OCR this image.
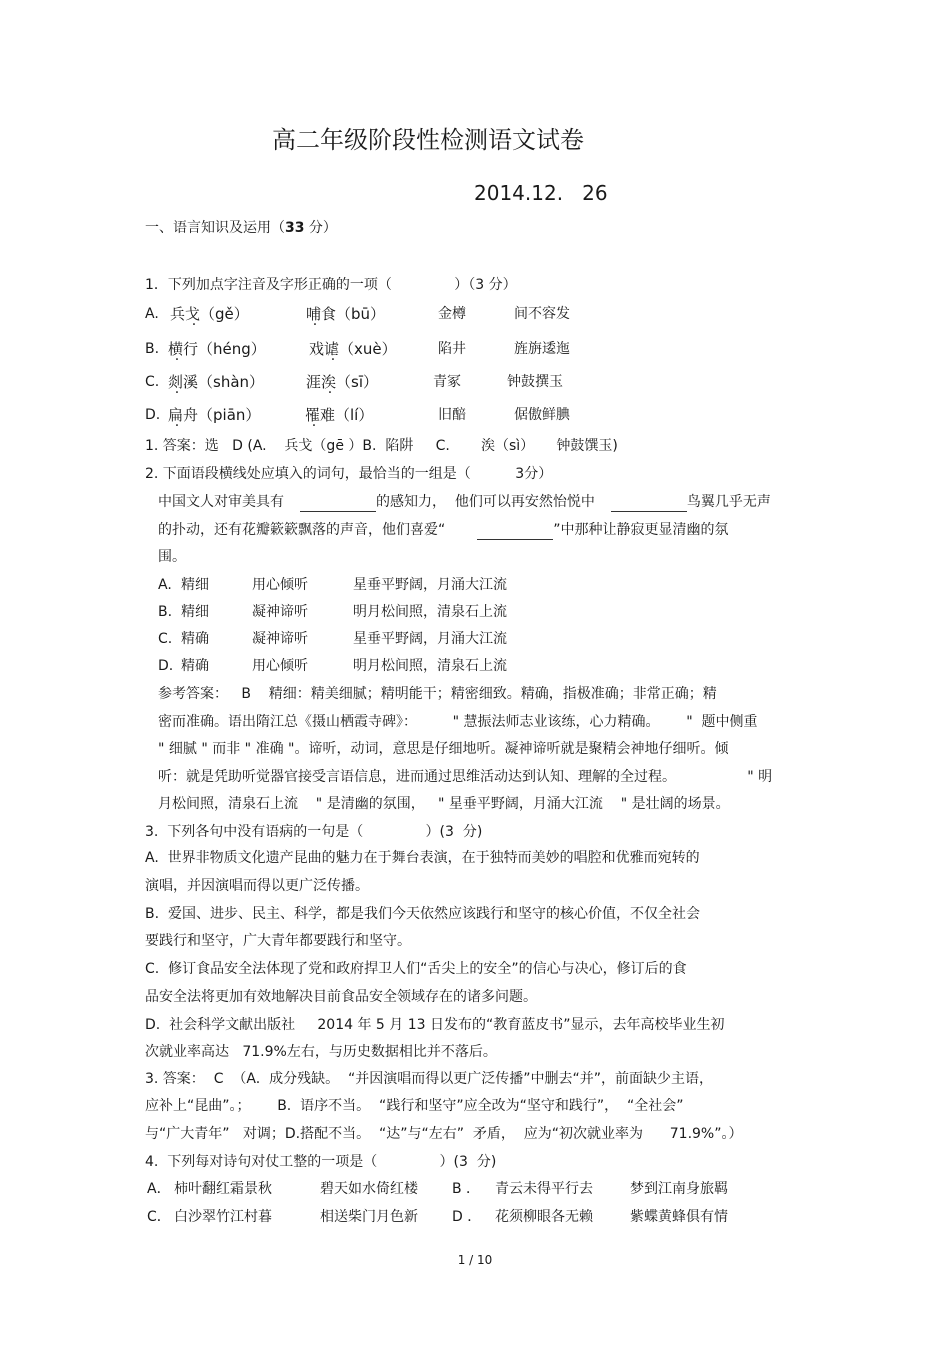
高二年级阶段性检测语文试卷
2014.12.   26
一、语言知识及运用（33 分）
1．下列加点字注音及字形正确的一项（              ）（3 分）
A. 兵戈（gě）	哺食（bū）	金樽	间不容发
B. 横行（héng）	戏谑（xuè）	陷井	旌旃逶迤
C. 剡溪（shàn）	涯涘（sī）	青冢	钟鼓撰玉
D. 扁舟（piān）	罹难（lí）	旧醅	倨傲鲜腆
1. 答案：选   D (A.    兵戈（gē ）B.  陷阱     C.       涘（sì）     钟鼓馔玉)
2. 下面语段横线处应填入的词句，最恰当的一组是（          3分）
中国文人对审美具有	的感知力，  他们可以再安然怡悦中	鸟翼几乎无声
的扑动，还有花瓣簌簌飘落的声音，他们喜爱“	”中那种让静寂更显清幽的氛
围。
A. 精细	用心倾听	星垂平野阔，月涌大江流
B. 精细	凝神谛听	明月松间照，清泉石上流
C. 精确	凝神谛听	星垂平野阔，月涌大江流
D. 精确	用心倾听	明月松间照，清泉石上流
参考答案：   B    精细：精美细腻；精明能干；精密细致。精确，指极准确；非常正确；精
密而准确。语出隋江总《摄山栖霞寺碑》：        " 慧振法师志业该练，心力精确。      "  题中侧重
" 细腻 " 而非 " 准确 "。谛听，动词，意思是仔细地听。凝神谛听就是聚精会神地仔细听。倾
听：就是凭助听觉器官接受言语信息，进而通过思维活动达到认知、理解的全过程。                " 明
月松间照，清泉石上流    " 是清幽的氛围，   " 星垂平野阔，月涌大江流    " 是壮阔的场景。
3.  下列各句中没有语病的一句是（              ）(3  分)
A.  世界非物质文化遗产昆曲的魅力在于舞台表演，在于独特而美妙的唱腔和优雅而宛转的
演唱，并因演唱而得以更广泛传播。
B.  爱国、进步、民主、科学，都是我们今天依然应该践行和坚守的核心价值，不仅全社会
要践行和坚守，广大青年都要践行和坚守。
C.  修订食品安全法体现了党和政府捍卫人们“舌尖上的安全”的信心与决心，修订后的食
品安全法将更加有效地解决目前食品安全领域存在的诸多问题。
D.  社会科学文献出版社     2014 年 5 月 13 日发布的“教育蓝皮书”显示，去年高校毕业生初
次就业率高达   71.9%左右，与历史数据相比并不落后。
3. 答案：  C  （A.  成分残缺。  “并因演唱而得以更广泛传播”中删去“并”，前面缺少主语，
应补上“昆曲”。；      B.  语序不当。  “践行和坚守”应全改为“坚守和践行”，  “全社会”
与“广大青年”   对调；D.搭配不当。  “达”与“左右”  矛盾，  应为“初次就业率为      71.9%”。）
4.  下列每对诗句对仗工整的一项是（              ）(3  分)
A． 柿叶翻红霜景秋	碧天如水倚红楼 B ． 青云未得平行去	梦到江南身旅羁
C． 白沙翠竹江村暮	相送柴门月色新 D ． 花须柳眼各无赖	紫蝶黄蜂俱有情
1 / 10
